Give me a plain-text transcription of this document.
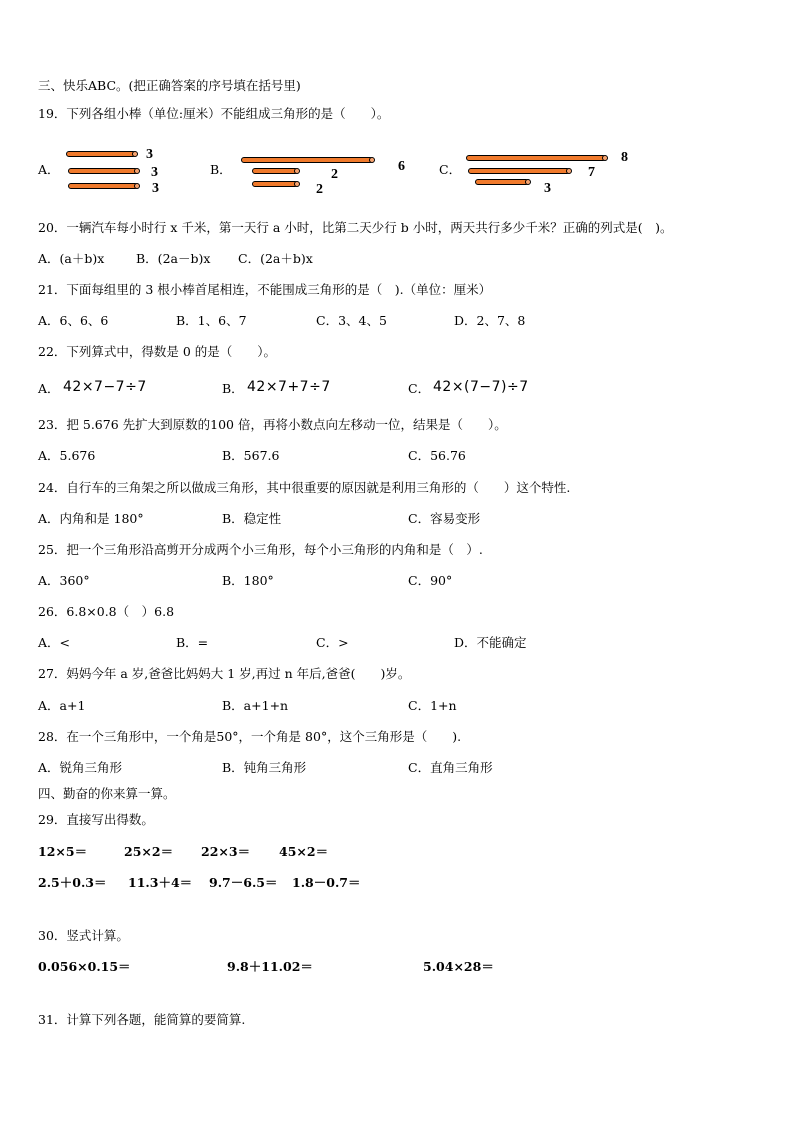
三、快乐ABC。(把正确答案的序号填在括号里)
19．下列各组小棒（单位:厘米）不能组成三角形的是（　　）。
A．
3
3
3
B．	6
2
2
C．
8
7
3
20．一辆汽车每小时行 x 千米，第一天行 a 小时，比第二天少行 b 小时，两天共行多少千米？正确的列式是(　)。
A．(a＋b)x	B．(2a－b)x C．(2a＋b)x
21．下面每组里的 3 根小棒首尾相连，不能围成三角形的是（　).（单位：厘米）
A．6、6、6	B．1、6、7	C．3、4、5	D．2、7、8
22．下列算式中，得数是 0 的是（　　）。
A． 42×7−7÷7	B． 42×7+7÷7	C． 42×(7−7)÷7
23．把 5.676 先扩大到原数的100 倍，再将小数点向左移动一位，结果是（　　）。
A．5.676	B．567.6	C．56.76
24．自行车的三角架之所以做成三角形，其中很重要的原因就是利用三角形的（　　）这个特性.
A．内角和是 180°	B．稳定性	C．容易变形
25．把一个三角形沿高剪开分成两个小三角形，每个小三角形的内角和是（　）.
A．360°	B．180°	C．90°
26．6.8×0.8（　）6.8
A．<	B．=	C．>	D．不能确定
27．妈妈今年 a 岁,爸爸比妈妈大 1 岁,再过 n 年后,爸爸(　　)岁。
A．a+1	B．a+1+n	C．1+n
28．在一个三角形中，一个角是50°，一个角是 80°，这个三角形是（　　).
A．锐角三角形	B．钝角三角形	C．直角三角形
四、勤奋的你来算一算。
29．直接写出得数。
12×5＝	25×2＝ 22×3＝ 45×2＝
2.5＋0.3＝ 11.3＋4＝ 9.7－6.5＝ 1.8－0.7＝
30．竖式计算。
0.056×0.15＝	9.8＋11.02＝	5.04×28＝
31．计算下列各题，能简算的要简算.
